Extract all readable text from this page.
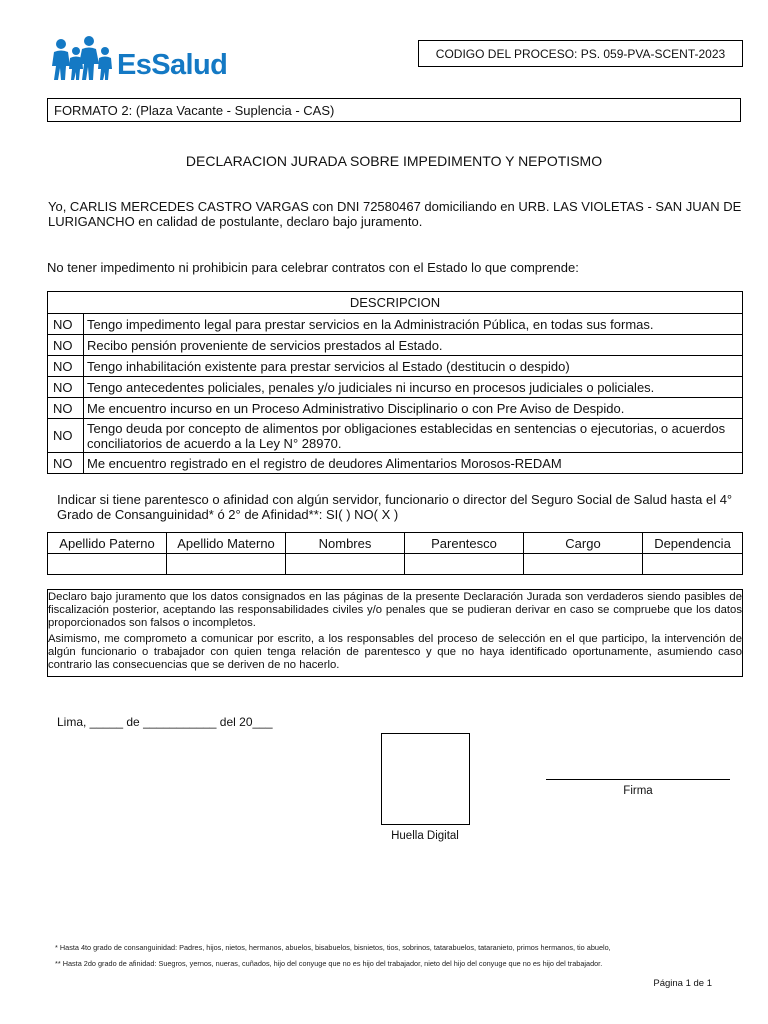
EsSalud	CODIGO DEL PROCESO: PS. 059-PVA-SCENT-2023
FORMATO 2: (Plaza Vacante - Suplencia - CAS)
DECLARACION JURADA SOBRE IMPEDIMENTO Y NEPOTISMO
Yo, CARLIS MERCEDES CASTRO VARGAS con DNI 72580467 domiciliando en URB. LAS VIOLETAS - SAN JUAN DE LURIGANCHO en calidad de postulante, declaro bajo juramento.
No tener impedimento ni prohibicin para celebrar contratos con el Estado lo que comprende:
DESCRIPCION	
NO	Tengo impedimento legal para prestar servicios en la Administración Pública, en todas sus formas.
NO	Recibo pensión proveniente de servicios prestados al Estado.
NO	Tengo inhabilitación existente para prestar servicios al Estado (destitucin o despido)
NO	Tengo antecedentes policiales, penales y/o judiciales ni incurso en procesos judiciales o policiales.
NO	Me encuentro incurso en un Proceso Administrativo Disciplinario o con Pre Aviso de Despido.
NO	Tengo deuda por concepto de alimentos por obligaciones establecidas en sentencias o ejecutorias, o acuerdos conciliatorios de acuerdo a la Ley N° 28970.
NO	Me encuentro registrado en el registro de deudores Alimentarios Morosos-REDAM
Indicar si tiene parentesco o afinidad con algún servidor, funcionario o director del Seguro Social de Salud hasta el 4° Grado de Consanguinidad* ó 2° de Afinidad**: SI( ) NO( X )
Apellido Paterno	Apellido Materno	Nombres	Parentesco	Cargo	Dependencia

Declaro bajo juramento que los datos consignados en las páginas de la presente Declaración Jurada son verdaderos siendo pasibles de fiscalización posterior, aceptando las responsabilidades civiles y/o penales que se pudieran derivar en caso se compruebe que los datos proporcionados son falsos o incompletos.

Asimismo, me comprometo a comunicar por escrito, a los responsables del proceso de selección en el que participo, la intervención de algún funcionario o trabajador con quien tenga relación de parentesco y que no haya identificado oportunamente, asumiendo caso contrario las consecuencias que se deriven de no hacerlo.

Lima, _____ de ___________ del 20___
Huella Digital
Firma
* Hasta 4to grado de consanguinidad: Padres, hijos, nietos, hermanos, abuelos, bisabuelos, bisnietos, tios, sobrinos, tatarabuelos, tataranieto, primos hermanos, tio abuelo,
** Hasta 2do grado de afinidad: Suegros, yernos, nueras, cuñados, hijo del conyuge que no es hijo del trabajador, nieto del hijo del conyuge que no es hijo del trabajador.
Página 1 de 1
